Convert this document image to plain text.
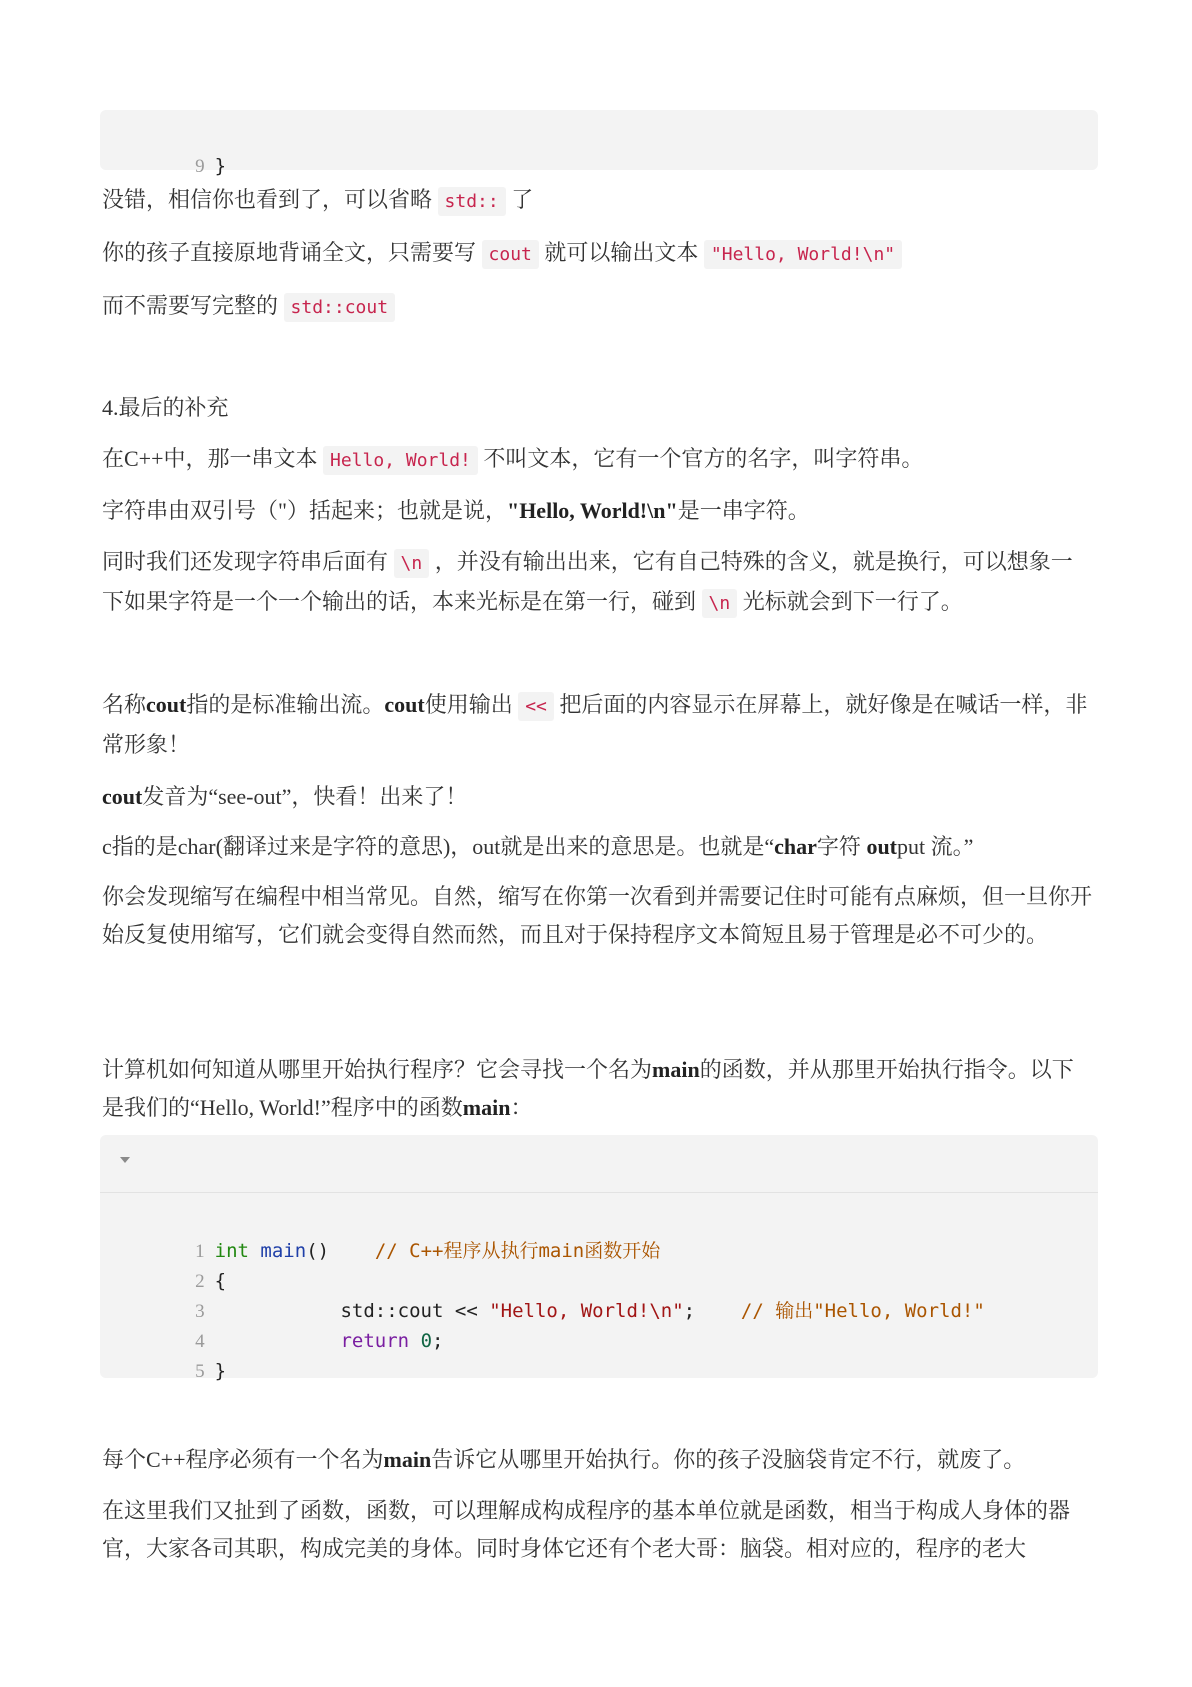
9 }

没错，相信你也看到了，可以省略 std:: 了
你的孩子直接原地背诵全文，只需要写 cout 就可以输出文本 "Hello, World!\n"
而不需要写完整的 std::cout
4.最后的补充
在C++中，那一串文本 Hello, World! 不叫文本，它有一个官方的名字，叫字符串。
字符串由双引号（"）括起来；也就是说，"Hello, World!\n"是一串字符。
同时我们还发现字符串后面有 \n ，并没有输出出来，它有自己特殊的含义，就是换行，可以想象一下如果字符是一个一个输出的话，本来光标是在第一行，碰到 \n 光标就会到下一行了。
名称cout指的是标准输出流。cout使用输出 << 把后面的内容显示在屏幕上，就好像是在喊话一样，非常形象！
cout发音为“see-out”，快看！出来了！
c指的是char(翻译过来是字符的意思)，out就是出来的意思是。也就是“char字符 output 流。”
你会发现缩写在编程中相当常见。自然，缩写在你第一次看到并需要记住时可能有点麻烦，但一旦你开始反复使用缩写，它们就会变得自然而然，而且对于保持程序文本简短且易于管理是必不可少的。
计算机如何知道从哪里开始执行程序？它会寻找一个名为main的函数，并从那里开始执行指令。以下是我们的“Hello, World!”程序中的函数main：

1 int main() // C++程序从执行main函数开始

2 {

3	std::cout << "Hello, World!\n"; // 输出"Hello, World!"

4	return 0;

5 }

每个C++程序必须有一个名为main告诉它从哪里开始执行。你的孩子没脑袋肯定不行，就废了。
在这里我们又扯到了函数，函数，可以理解成构成程序的基本单位就是函数，相当于构成人身体的器官，大家各司其职，构成完美的身体。同时身体它还有个老大哥：脑袋。相对应的，程序的老大
